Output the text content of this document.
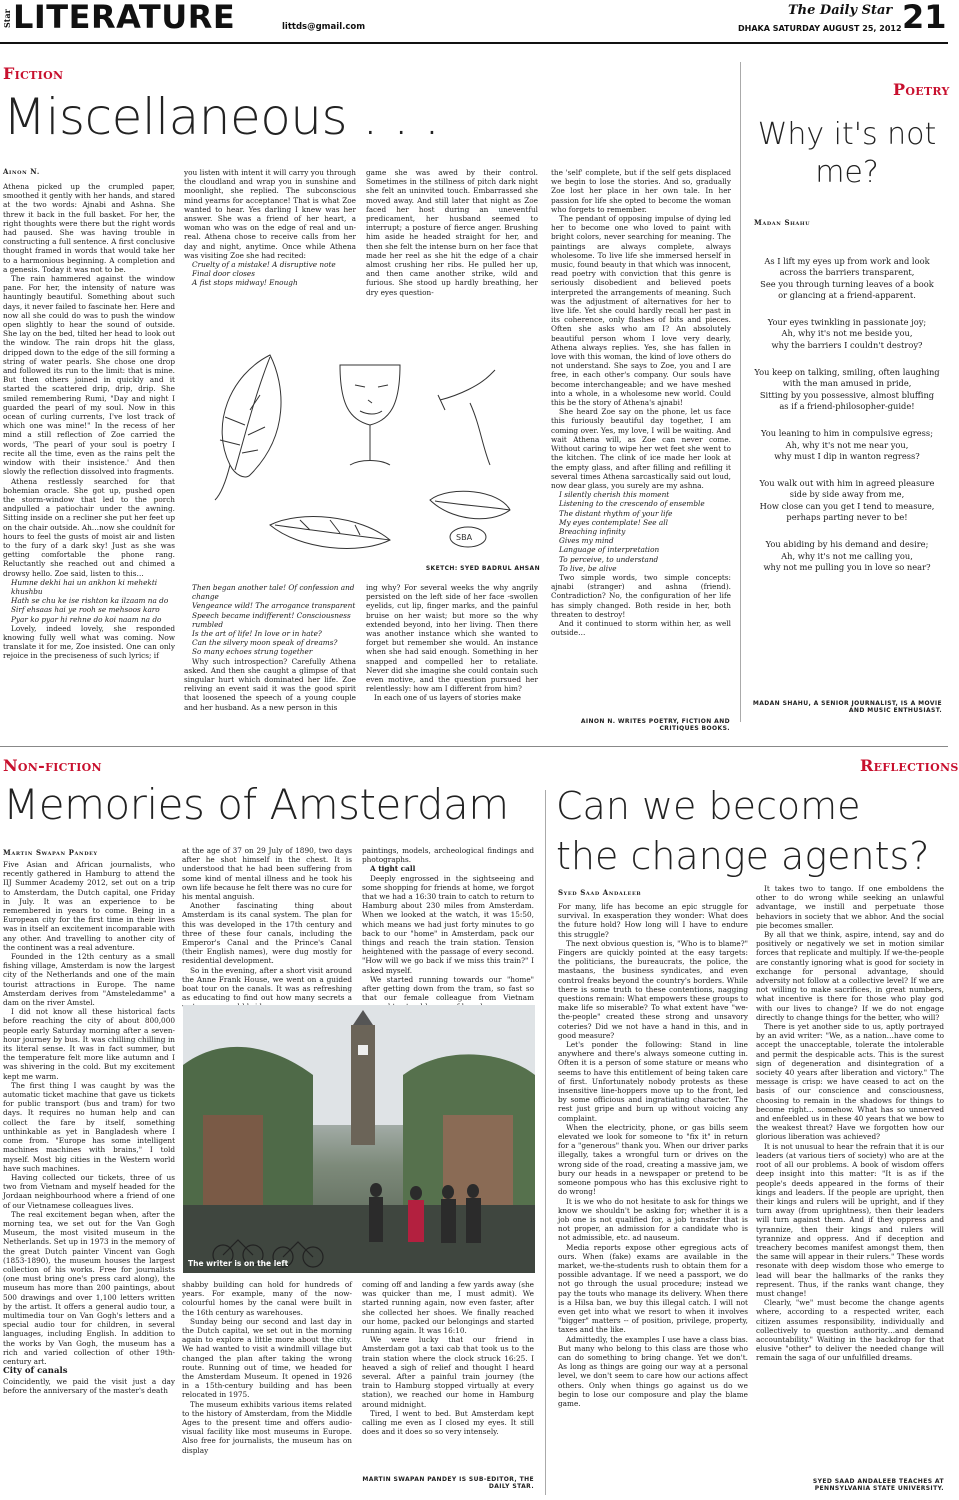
Star LITERATURE	littds@gmail.com
The Daily Star
DHAKA SATURDAY AUGUST 25, 2012 21
Fiction
Miscellaneous . . .
Ainon N.

Athena picked up the crumpled paper, smoothed it gently with her hands, and stared at the two words: Ajnabi and Ashna. She threw it back in the full basket. For her, the right thoughts were there but the right words had paused. She was having trouble in constructing a full sentence. A first conclusive thought framed in words that would take her to a harmonious beginning. A completion and a genesis. Today it was not to be.

The rain hammered against the window pane. For her, the intensity of nature was hauntingly beautiful. Something about such days, it never failed to fascinate her. Here and now all she could do was to push the window open slightly to hear the sound of outside. She lay on the bed, tilted her head to look out the window. The rain drops hit the glass, dripped down to the edge of the sill forming a string of water pearls. She chose one drop and followed its run to the limit: that is mine. But then others joined in quickly and it started the scattered drip, drip, drip. She smiled remembering Rumi, "Day and night I guarded the pearl of my soul. Now in this ocean of curling currents, I've lost track of which one was mine!" In the recess of her mind a still reflection of Zoe carried the words, 'The pearl of your soul is poetry I recite all the time, even as the rains pelt the window with their insistence.' And then slowly the reflection dissolved into fragments.

Athena restlessly searched for that bohemian oracle. She got up, pushed open the storm-window that led to the porch andpulled a patiochair under the awning. Sitting inside on a recliner she put her feet up on the chair outside. Ah…now she couldnít for hours to feel the gusts of moist air and listen to the fury of a dark sky! Just as she was getting comfortable the phone rang. Reluctantly she reached out and chimed a drowsy hello. Zoe said, listen to this…

Humne dekhi hai un ankhon ki mehekti khushbu
Hath se chu ke ise rishton ka ilzaam na do
Sirf ehsaas hai ye rooh se mehsoos karo
Pyar ko pyar hi rehne do koi naam na do

Lovely, indeed lovely, she responded knowing fully well what was coming. Now translate it for me, Zoe insisted. One can only rejoice in the preciseness of such lyrics; if

you listen with intent it will carry you through the cloudland and wrap you in sunshine and moonlight, she replied. The subconscious mind yearns for acceptance! That is what Zoe wanted to hear. Yes darling I knew was her answer. She was a friend of her heart, a woman who was on the edge of real and un-real. Athena chose to receive calls from her day and night, anytime. Once while Athena was visiting Zoe she had recited:

Cruelty of a mistake! A disruptive note
Final door closes
A fist stops midway! Enough

game she was awed by their control. Sometimes in the stillness of pitch dark night she felt an uninvited touch. Embarrassed she moved away. And still later that night as Zoe faced her host during an uneventful predicament, her husband seemed to interrupt; a posture of fierce anger. Brushing him aside he headed straight for her, and then she felt the intense burn on her face that made her reel as she hit the edge of a chair almost crushing her ribs. He pulled her up, and then came another strike, wild and furious. She stood up hardly breathing, her dry eyes question-

SBA
SKETCH: SYED BADRUL AHSAN
Then began another tale! Of confession and change
Vengeance wild! The arrogance transparent
Speech became indifferent! Consciousness rumbled
Is the art of life! In love or in hate?
Can the silvery moon speak of dreams?
So many echoes strung together

Why such introspection? Carefully Athena asked. And then she caught a glimpse of that singular hurt which dominated her life. Zoe reliving an event said it was the good spirit that loosened the speech of a young couple and her husband. As a new person in this

ing why? For several weeks the why angrily persisted on the left side of her face -swollen eyelids, cut lip, finger marks, and the painful bruise on her waist; but more so the why extended beyond, into her living. Then there was another instance which she wanted to forget but remember she would. An instance when she had said enough. Something in her snapped and compelled her to retaliate. Never did she imagine she could contain such even motive, and the question pursued her relentlessly: how am I different from him?

In each one of us layers of stories make

the 'self' complete, but if the self gets displaced we begin to lose the stories. And so, gradually Zoe lost her place in her own tale. In her passion for life she opted to become the woman who forgets to remember.

The pendant of opposing impulse of dying led her to become one who loved to paint with bright colors, never searching for meaning. The paintings are always complete, always wholesome. To live life she immersed herself in music, found beauty in that which was innocent, read poetry with conviction that this genre is seriously disobedient and believed poets interpreted the arrangements of meaning. Such was the adjustment of alternatives for her to live life. Yet she could hardly recall her past in its coherence, only flashes of bits and pieces. Often she asks who am I? An absolutely beautiful person whom I love very dearly, Athena always replies. Yes, she has fallen in love with this woman, the kind of love others do not understand. She says to Zoe, you and I are free, in each other's company. Our souls have become interchangeable; and we have meshed into a whole, in a wholesome new world. Could this be the story of Athena's ajnabi!

She heard Zoe say on the phone, let us face this furiously beautiful day together, I am coming over. Yes, my love, I will be waiting. And wait Athena will, as Zoe can never come. Without caring to wipe her wet feet she went to the kitchen. The clink of ice made her look at the empty glass, and after filling and refilling it several times Athena sarcastically said out loud, now dear glass, you surely are my ashna.

I silently cherish this moment
Listening to the crescendo of ensemble
The distant rhythm of your life
My eyes contemplate! See all
Breaching infinity
Gives my mind
Language of interpretation
To perceive, to understand
To live, be alive

Two simple words, two simple concepts: ajnabi (stranger) and ashna (friend). Contradiction? No, the configuration of her life has simply changed. Both reside in her, both threaten to destroy!

And it continued to storm within her, as well outside…

AINON N. WRITES POETRY, FICTION AND CRITIQUES BOOKS.
Poetry
Why it's not me?
Madan Shahu

As I lift my eyes up from work and look
across the barriers transparent,
See you through turning leaves of a book
or glancing at a friend-apparent.

Your eyes twinkling in passionate joy;
Ah, why it's not me beside you,
why the barriers I couldn't destroy?

You keep on talking, smiling, often laughing
with the man amused in pride,
Sitting by you possessive, almost bluffing
as if a friend-philosopher-guide!

You leaning to him in compulsive egress;
Ah, why it's not me near you,
why must I dip in wanton regress?

You walk out with him in agreed pleasure
side by side away from me,
How close can you get I tend to measure,
perhaps parting never to be!

You abiding by his demand and desire;
Ah, why it's not me calling you,
why not me pulling you in love so near?

MADAN SHAHU, A SENIOR JOURNALIST, IS A MOVIE AND MUSIC ENTHUSIAST.
Non-fiction
Memories of Amsterdam
Martin Swapan Pandey

Five Asian and African journalists, who recently gathered in Hamburg to attend the IIJ Summer Academy 2012, set out on a trip to Amsterdam, the Dutch capital, one Friday in July. It was an experience to be remembered in years to come. Being in a European city for the first time in their lives was in itself an excitement incomparable with any other. And travelling to another city of the continent was a real adventure.

Founded in the 12th century as a small fishing village, Amsterdam is now the largest city of the Netherlands and one of the main tourist attractions in Europe. The name Amsterdam derives from "Amsteledamme" a dam on the river Amstel.

I did not know all these historical facts before reaching the city of about 800,000 people early Saturday morning after a seven-hour journey by bus. It was chilling chilling in its literal sense. It was in fact summer, but the temperature felt more like autumn and I was shivering in the cold. But my excitement kept me warm.

The first thing I was caught by was the automatic ticket machine that gave us tickets for public transport (bus and tram) for two days. It requires no human help and can collect the fare by itself, something unthinkable as yet in Bangladesh where I come from. "Europe has some intelligent machines machines with brains," I told myself. Most big cities in the Western world have such machines.

Having collected our tickets, three of us two from Vietnam and myself headed for the Jordaan neighbourhood where a friend of one of our Vietnamese colleagues lives.

The real excitement began when, after the morning tea, we set out for the Van Gogh Museum, the most visited museum in the Netherlands. Set up in 1973 in the memory of the great Dutch painter Vincent van Gogh (1853-1890), the museum houses the largest collection of his works. Free for journalists (one must bring one's press card along), the museum has more than 200 paintings, about 500 drawings and over 1,100 letters written by the artist. It offers a general audio tour, a multimedia tour on Van Gogh's letters and a special audio tour for children, in several languages, including English. In addition to the works by Van Gogh, the museum has a rich and varied collection of other 19th-century art.

City of canals

Coincidently, we paid the visit just a day before the anniversary of the master's death

at the age of 37 on 29 July of 1890, two days after he shot himself in the chest. It is understood that he had been suffering from some kind of mental illness and he took his own life because he felt there was no cure for his mental anguish.

Another fascinating thing about Amsterdam is its canal system. The plan for this was developed in the 17th century and three of these four canals, including the Emperor's Canal and the Prince's Canal (their English names), were dug mostly for residential development.

So in the evening, after a short visit around the Anne Frank House, we went on a guided boat tour on the canals. It was as refreshing as educating to find out how many secrets a

paintings, models, archeological findings and photographs.

A tight call

Deeply engrossed in the sightseeing and some shopping for friends at home, we forgot that we had a 16:30 train to catch to return to Hamburg about 230 miles from Amsterdam. When we looked at the watch, it was 15:50, which means we had just forty minutes to go back to our "home" in Amsterdam, pack our things and reach the train station. Tension heightened with the passage of every second. "How will we go back if we miss this train?" I asked myself.

We started running towards our "home" after getting down from the tram, so fast so that our female colleague from Vietnam

The writer is on the left

shabby building can hold for hundreds of years. For example, many of the now-colourful homes by the canal were built in the 16th century as warehouses.

Sunday being our second and last day in the Dutch capital, we set out in the morning again to explore a little more about the city. We had wanted to visit a windmill village but changed the plan after taking the wrong route. Running out of time, we headed for the Amsterdam Museum. It opened in 1926 in a 15th-century building and has been relocated in 1975.

The museum exhibits various items related to the history of Amsterdam, from the Middle Ages to the present time and offers audio-visual facility like most museums in Europe. Also free for journalists, the museum has on display

coming off and landing a few yards away (she was quicker than me, I must admit). We started running again, now even faster, after she collected her shoes. We finally reached our home, packed our belongings and started running again. It was 16:10.

We were lucky that our friend in Amsterdam got a taxi cab that took us to the train station where the clock struck 16:25. I heaved a sigh of relief and thought I heard several. After a painful train journey (the train to Hamburg stopped virtually at every station), we reached our home in Hamburg around midnight.

Tired, I went to bed. But Amsterdam kept calling me even as I closed my eyes. It still does and it does so so very intensely.

MARTIN SWAPAN PANDEY IS SUB-EDITOR, THE DAILY STAR.
Reflections
Can we become
the change agents?
Syed Saad Andaleeb

For many, life has become an epic struggle for survival. In exasperation they wonder: What does the future hold? How long will I have to endure this struggle?

The next obvious question is, "Who is to blame?" Fingers are quickly pointed at the easy targets: the politicians, the bureaucrats, the police, the mastaans, the business syndicates, and even control freaks beyond the country's borders. While there is some truth to these contentions, nagging questions remain: What empowers these groups to make life so miserable? To what extent have "we-the-people" created these strong and unsavory coteries? Did we not have a hand in this, and in good measure?

Let's ponder the following: Stand in line anywhere and there's always someone cutting in. Often it is a person of some stature or means who seems to have this entitlement of being taken care of first. Unfortunately nobody protests as these insensitive line-hoppers move up to the front, led by some officious and ingratiating character. The rest just gripe and burn up without voicing any complaint.

When the electricity, phone, or gas bills seem elevated we look for someone to "fix it" in return for a "generous" thank you. When our driver parks illegally, takes a wrongful turn or drives on the wrong side of the road, creating a massive jam, we bury our heads in a newspaper or pretend to be someone pompous who has this exclusive right to do wrong!

It is we who do not hesitate to ask for things we know we shouldn't be asking for; whether it is a job one is not qualified for, a job transfer that is not proper, an admission for a candidate who is not admissible, etc. ad nauseum.

Media reports expose other egregious acts of ours. When (fake) exams are available in the market, we-the-students rush to obtain them for a possible advantage. If we need a passport, we do not go through the usual procedure; instead we pay the touts who manage its delivery. When there is a Hilsa ban, we buy this illegal catch. I will not even get into what we resort to when it involves "bigger" matters -- of position, privilege, property, taxes and the like.

Admittedly, the examples I use have a class bias. But many who belong to this class are those who can do something to bring change. Yet we don't. As long as things are going our way at a personal level, we don't seem to care how our actions affect others. Only when things go against us do we begin to lose our composure and play the blame game.

It takes two to tango. If one emboldens the other to do wrong while seeking an unlawful advantage, we instill and perpetuate those behaviors in society that we abhor. And the social pie becomes smaller.

By all that we think, aspire, intend, say and do positively or negatively we set in motion similar forces that replicate and multiply. If we-the-people are constantly ignoring what is good for society in exchange for personal advantage, should adversity not follow at a collective level? If we are not willing to make sacrifices, in great numbers, what incentive is there for those who play god with our lives to change? If we do not engage directly to change things for the better, who will?

There is yet another side to us, aptly portrayed by an avid writer: "We, as a nation…have come to accept the unacceptable, tolerate the intolerable and permit the despicable acts. This is the surest sign of degeneration and disintegration of a society 40 years after liberation and victory." The message is crisp: we have ceased to act on the basis of our conscience and consciousness, choosing to remain in the shadows for things to become right… somehow. What has so unnerved and enfeebled us in these 40 years that we bow to the weakest threat? Have we forgotten how our glorious liberation was achieved?

It is not unusual to hear the refrain that it is our leaders (at various tiers of society) who are at the root of all our problems. A book of wisdom offers deep insight into this matter: "It is as if the people's deeds appeared in the forms of their kings and leaders. If the people are upright, then their kings and rulers will be upright, and if they turn away (from uprightness), then their leaders will turn against them. And if they oppress and tyrannize, then their kings and rulers will tyrannize and oppress. And if deception and treachery becomes manifest amongst them, then the same will appear in their rulers." These words resonate with deep wisdom those who emerge to lead will bear the hallmarks of the ranks they represent. Thus, if the ranks want change, they must change!

Clearly, "we" must become the change agents where, according to a respected writer, each citizen assumes responsibility, individually and collectively to question authority…and demand accountability." Waiting in the backdrop for that elusive "other" to deliver the needed change will remain the saga of our unfulfilled dreams.

SYED SAAD ANDALEEB TEACHES AT PENNSYLVANIA STATE UNIVERSITY.
